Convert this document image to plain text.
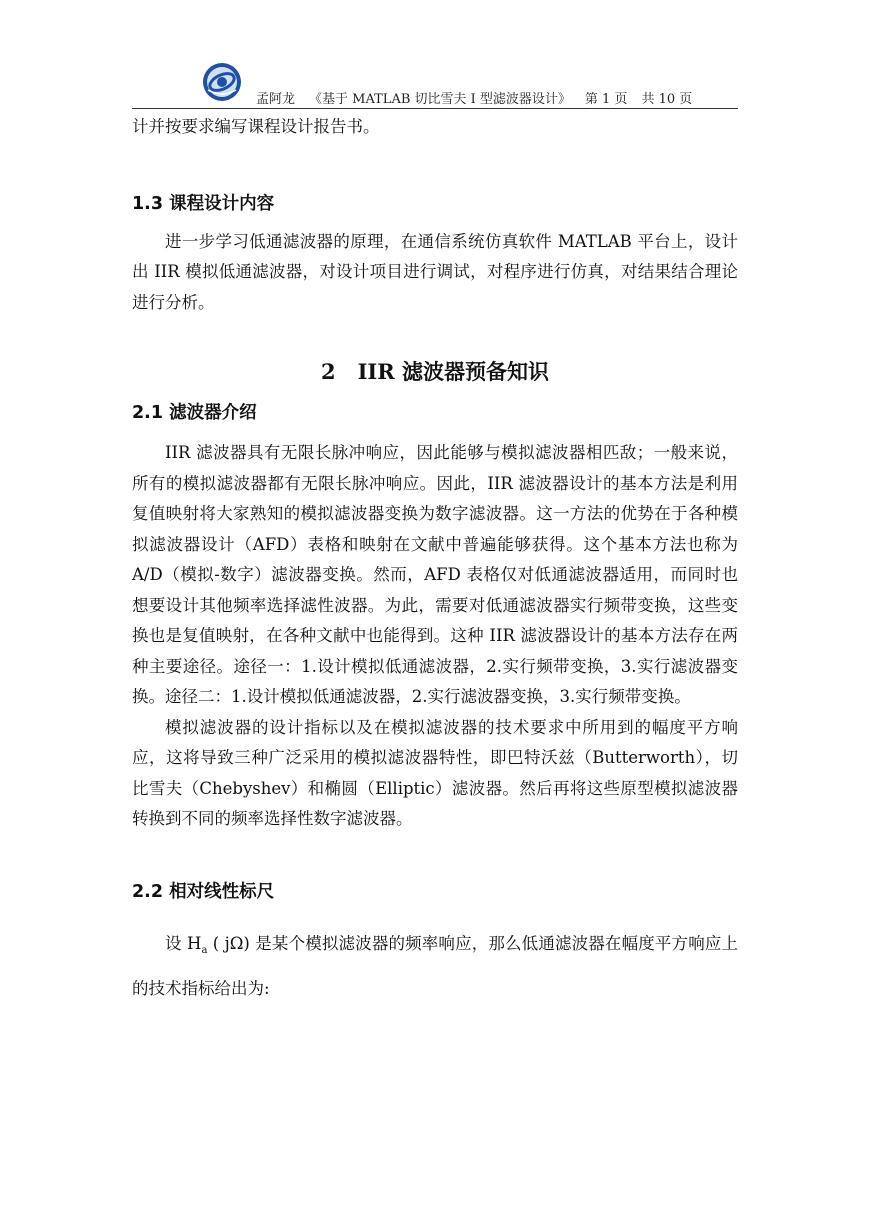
孟阿龙 《基于 MATLAB 切比雪夫 I 型滤波器设计》 第 1 页 共 10 页

计并按要求编写课程设计报告书。

1.3 课程设计内容

进一步学习低通滤波器的原理，在通信系统仿真软件 MATLAB 平台上，设计出 IIR 模拟低通滤波器，对设计项目进行调试，对程序进行仿真，对结果结合理论进行分析。

2 IIR 滤波器预备知识
2.1 滤波器介绍

IIR 滤波器具有无限长脉冲响应，因此能够与模拟滤波器相匹敌；一般来说，所有的模拟滤波器都有无限长脉冲响应。因此，IIR 滤波器设计的基本方法是利用复值映射将大家熟知的模拟滤波器变换为数字滤波器。这一方法的优势在于各种模拟滤波器设计（AFD）表格和映射在文献中普遍能够获得。这个基本方法也称为 A/D（模拟-数字）滤波器变换。然而，AFD 表格仅对低通滤波器适用，而同时也想要设计其他频率选择滤性波器。为此，需要对低通滤波器实行频带变换，这些变换也是复值映射，在各种文献中也能得到。这种 IIR 滤波器设计的基本方法存在两种主要途径。途径一：1.设计模拟低通滤波器，2.实行频带变换，3.实行滤波器变换。途径二：1.设计模拟低通滤波器，2.实行滤波器变换，3.实行频带变换。

模拟滤波器的设计指标以及在模拟滤波器的技术要求中所用到的幅度平方响应，这将导致三种广泛采用的模拟滤波器特性，即巴特沃兹（Butterworth），切比雪夫（Chebyshev）和椭圆（Elliptic）滤波器。然后再将这些原型模拟滤波器转换到不同的频率选择性数字滤波器。

2.2 相对线性标尺

设 $H_a$ ( jΩ) 是某个模拟滤波器的频率响应，那么低通滤波器在幅度平方响应上的技术指标给出为:
